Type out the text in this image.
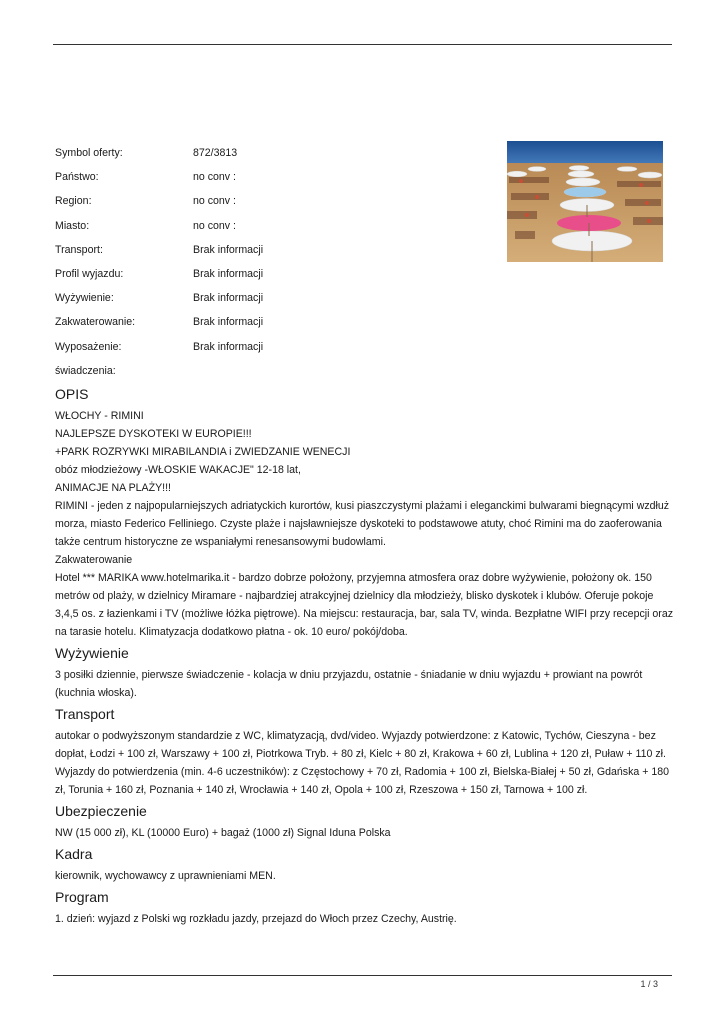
Symbol oferty:	872/3813
Państwo:	no conv :
Region:	no conv :
Miasto:	no conv :
Transport:	Brak informacji
Profil wyjazdu:	Brak informacji
Wyżywienie:	Brak informacji
Zakwaterowanie:	Brak informacji
Wyposażenie:	Brak informacji
świadczenia:
OPIS

WŁOCHY - RIMINI

NAJLEPSZE DYSKOTEKI W EUROPIE!!!

+PARK ROZRYWKI MIRABILANDIA i ZWIEDZANIE WENECJI

obóz młodzieżowy -WŁOSKIE WAKACJE" 12-18 lat,

ANIMACJE NA PLAŻY!!!

RIMINI - jeden z najpopularniejszych adriatyckich kurortów, kusi piaszczystymi plażami i eleganckimi bulwarami biegnącymi wzdłuż morza, miasto Federico Felliniego. Czyste plaże i najsławniejsze dyskoteki to podstawowe atuty, choć Rimini ma do zaoferowania także centrum historyczne ze wspaniałymi renesansowymi budowlami.

Zakwaterowanie

Hotel *** MARIKA www.hotelmarika.it - bardzo dobrze położony, przyjemna atmosfera oraz dobre wyżywienie, położony ok. 150 metrów od plaży, w dzielnicy Miramare - najbardziej atrakcyjnej dzielnicy dla młodzieży, blisko dyskotek i klubów. Oferuje pokoje 3,4,5 os. z łazienkami i TV (możliwe łóżka piętrowe). Na miejscu: restauracja, bar, sala TV, winda. Bezpłatne WIFI przy recepcji oraz na tarasie hotelu. Klimatyzacja dodatkowo płatna - ok. 10 euro/ pokój/doba.

Wyżywienie

3 posiłki dziennie, pierwsze świadczenie - kolacja w dniu przyjazdu, ostatnie - śniadanie w dniu wyjazdu + prowiant na powrót (kuchnia włoska).

Transport

autokar o podwyższonym standardzie z WC, klimatyzacją, dvd/video. Wyjazdy potwierdzone: z Katowic, Tychów, Cieszyna - bez dopłat, Łodzi + 100 zł, Warszawy + 100 zł, Piotrkowa Tryb. + 80 zł, Kielc + 80 zł, Krakowa + 60 zł, Lublina + 120 zł, Puław + 110 zł. Wyjazdy do potwierdzenia (min. 4-6 uczestników): z Częstochowy + 70 zł, Radomia + 100 zł, Bielska-Białej + 50 zł, Gdańska + 180 zł, Torunia + 160 zł, Poznania + 140 zł, Wrocławia + 140 zł, Opola + 100 zł, Rzeszowa + 150 zł, Tarnowa + 100 zł.

Ubezpieczenie

NW (15 000 zł), KL (10000 Euro) + bagaż (1000 zł) Signal Iduna Polska

Kadra

kierownik, wychowawcy z uprawnieniami MEN.

Program

1. dzień: wyjazd z Polski wg rozkładu jazdy, przejazd do Włoch przez Czechy, Austrię.

1 / 3
